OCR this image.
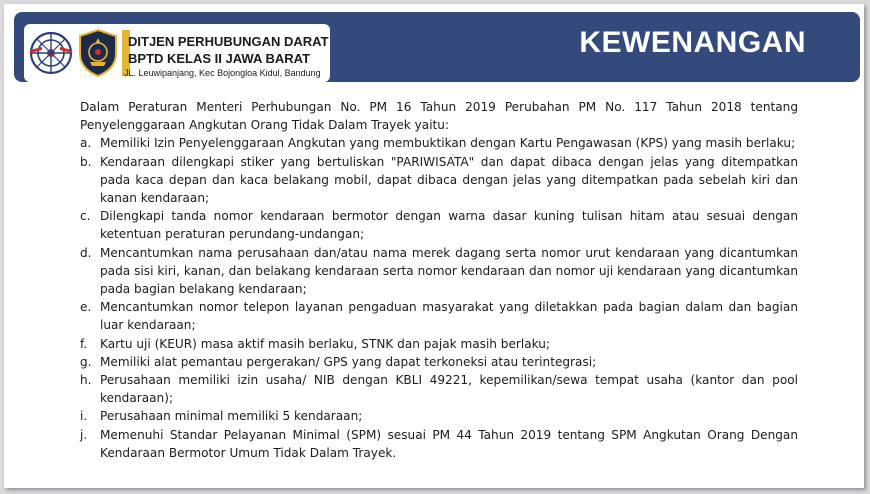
DITJEN PERHUBUNGAN DARAT
BPTD KELAS II JAWA BARAT
JL. Leuwipanjang, Kec Bojongloa Kidul, Bandung
KEWENANGAN

Dalam Peraturan Menteri Perhubungan No. PM 16 Tahun 2019 Perubahan PM No. 117 Tahun 2018 tentang Penyelenggaraan Angkutan Orang Tidak Dalam Trayek yaitu:

a. Memiliki Izin Penyelenggaraan Angkutan yang membuktikan dengan Kartu Pengawasan (KPS) yang masih berlaku;
b. Kendaraan dilengkapi stiker yang bertuliskan "PARIWISATA" dan dapat dibaca dengan jelas yang ditempatkan pada kaca depan dan kaca belakang mobil, dapat dibaca dengan jelas yang ditempatkan pada sebelah kiri dan kanan kendaraan;
c. Dilengkapi tanda nomor kendaraan bermotor dengan warna dasar kuning tulisan hitam atau sesuai dengan ketentuan peraturan perundang-undangan;
d. Mencantumkan nama perusahaan dan/atau nama merek dagang serta nomor urut kendaraan yang dicantumkan pada sisi kiri, kanan, dan belakang kendaraan serta nomor kendaraan dan nomor uji kendaraan yang dicantumkan pada bagian belakang kendaraan;
e. Mencantumkan nomor telepon layanan pengaduan masyarakat yang diletakkan pada bagian dalam dan bagian luar kendaraan;
f.	Kartu uji (KEUR) masa aktif masih berlaku, STNK dan pajak masih berlaku;
g. Memiliki alat pemantau pergerakan/ GPS yang dapat terkoneksi atau terintegrasi;
h. Perusahaan memiliki izin usaha/ NIB dengan KBLI 49221, kepemilikan/sewa tempat usaha (kantor dan pool kendaraan);
i.	Perusahaan minimal memiliki 5 kendaraan;
j.	Memenuhi Standar Pelayanan Minimal (SPM) sesuai PM 44 Tahun 2019 tentang SPM Angkutan Orang Dengan Kendaraan Bermotor Umum Tidak Dalam Trayek.
